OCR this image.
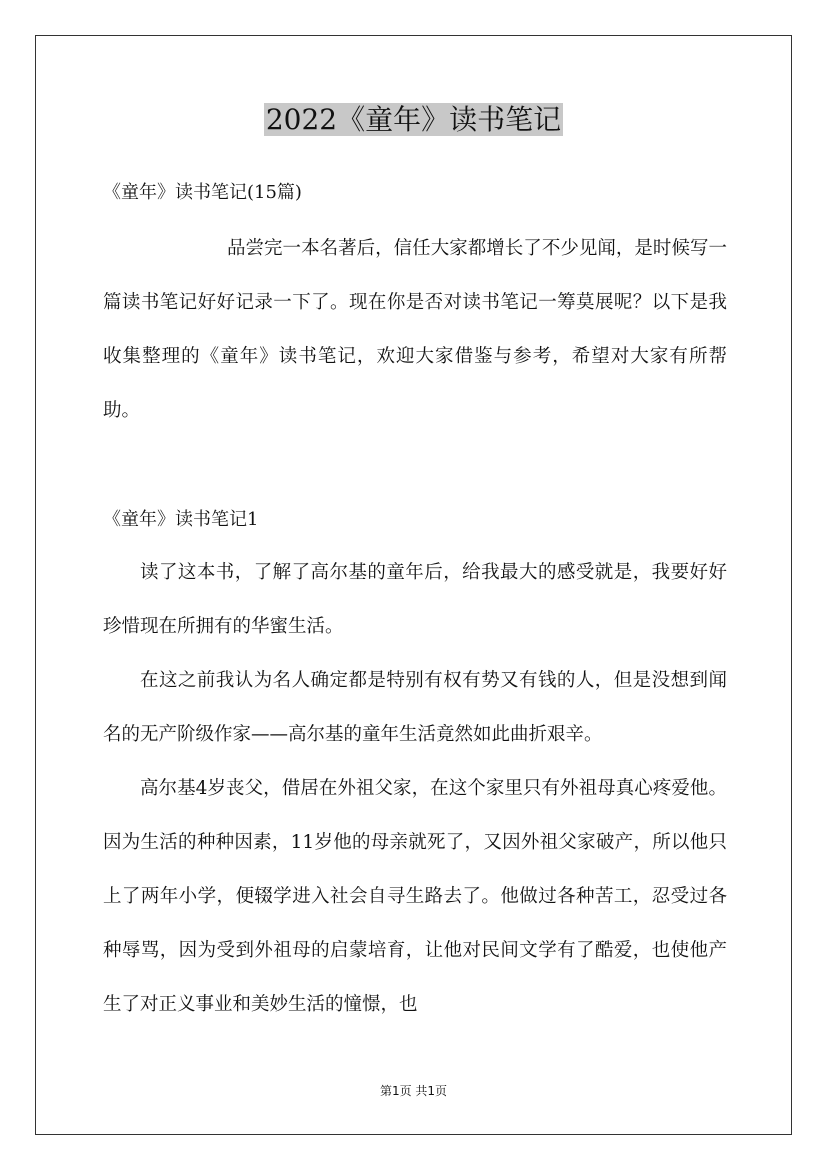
2022《童年》读书笔记
《童年》读书笔记(15篇)
品尝完一本名著后，信任大家都增长了不少见闻，是时候写一篇读书笔记好好记录一下了。现在你是否对读书笔记一筹莫展呢？以下是我收集整理的《童年》读书笔记，欢迎大家借鉴与参考，希望对大家有所帮助。
《童年》读书笔记1
读了这本书，了解了高尔基的童年后，给我最大的感受就是，我要好好珍惜现在所拥有的华蜜生活。
在这之前我认为名人确定都是特别有权有势又有钱的人，但是没想到闻名的无产阶级作家——高尔基的童年生活竟然如此曲折艰辛。
高尔基4岁丧父，借居在外祖父家，在这个家里只有外祖母真心疼爱他。因为生活的种种因素，11岁他的母亲就死了，又因外祖父家破产，所以他只上了两年小学，便辍学进入社会自寻生路去了。他做过各种苦工，忍受过各种辱骂，因为受到外祖母的启蒙培育，让他对民间文学有了酷爱，也使他产生了对正义事业和美妙生活的憧憬，也
第1页 共1页
